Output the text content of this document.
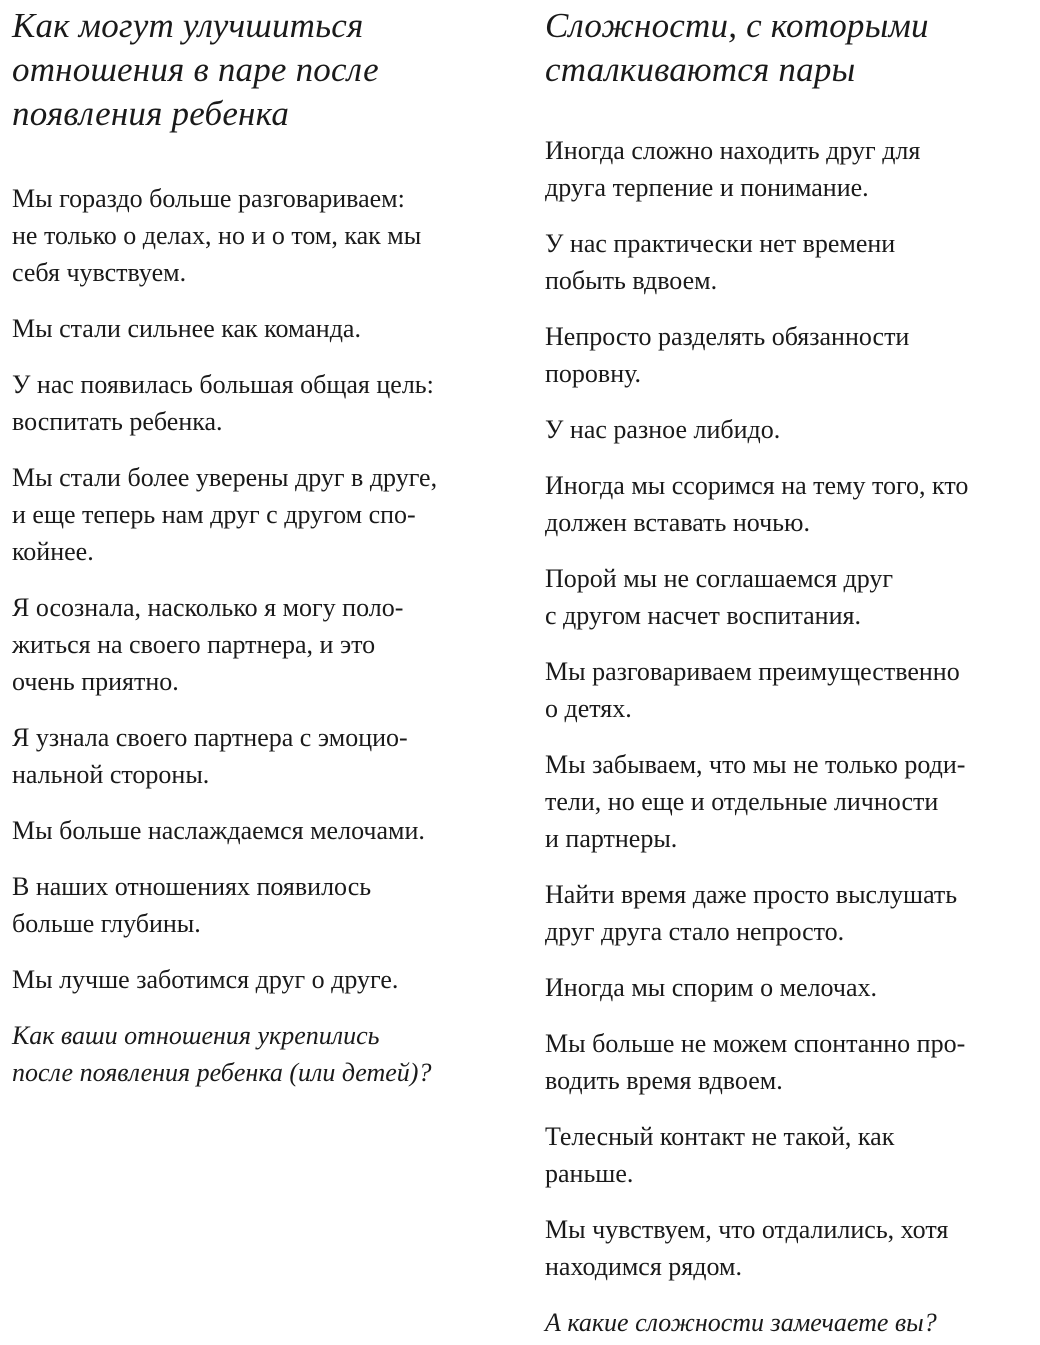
Как могут улучшиться
отношения в паре после
появления ребенка

Мы гораздо больше разговариваем:
не только о делах, но и о том, как мы
себя чувствуем.

Мы стали сильнее как команда.

У нас появилась большая общая цель:
воспитать ребенка.

Мы стали более уверены друг в друге,
и еще теперь нам друг с другом спо-
койнее.

Я осознала, насколько я могу поло-
житься на своего партнера, и это
очень приятно.

Я узнала своего партнера с эмоцио-
нальной стороны.

Мы больше наслаждаемся мелочами.

В наших отношениях появилось
больше глубины.

Мы лучше заботимся друг о друге.

Как ваши отношения укрепились
после появления ребенка (или детей)?

Сложности, с которыми
сталкиваются пары

Иногда сложно находить друг для
друга терпение и понимание.

У нас практически нет времени
побыть вдвоем.

Непросто разделять обязанности
поровну.

У нас разное либидо.

Иногда мы ссоримся на тему того, кто
должен вставать ночью.

Порой мы не соглашаемся друг
с другом насчет воспитания.

Мы разговариваем преимущественно
о детях.

Мы забываем, что мы не только роди-
тели, но еще и отдельные личности
и партнеры.

Найти время даже просто выслушать
друг друга стало непросто.

Иногда мы спорим о мелочах.

Мы больше не можем спонтанно про-
водить время вдвоем.

Телесный контакт не такой, как
раньше.

Мы чувствуем, что отдалились, хотя
находимся рядом.

А какие сложности замечаете вы?
